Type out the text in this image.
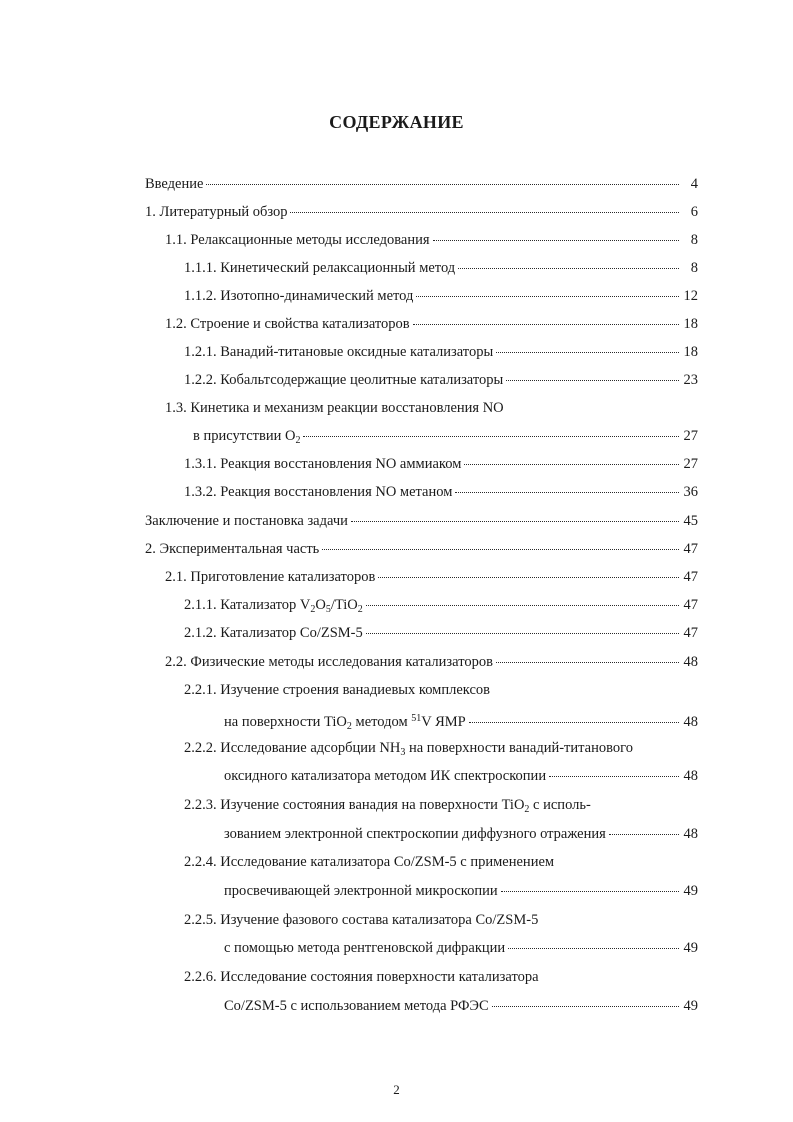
СОДЕРЖАНИЕ
Введение	4
1. Литературный обзор	6
1.1. Релаксационные методы исследования	8
1.1.1. Кинетический релаксационный метод	8
1.1.2. Изотопно-динамический метод	12
1.2. Строение и свойства катализаторов	18
1.2.1. Ванадий-титановые оксидные катализаторы	18
1.2.2. Кобальтсодержащие цеолитные катализаторы	23
1.3. Кинетика и механизм реакции восстановления NO
в присутствии $O_2$	27
1.3.1. Реакция восстановления NO аммиаком	27
1.3.2. Реакция восстановления NO метаном	36
Заключение и постановка задачи	45
2. Экспериментальная часть	47
2.1. Приготовление катализаторов	47
2.1.1. Катализатор $V_2O_5/TiO_2$	47
2.1.2. Катализатор Co/ZSM-5	47
2.2. Физические методы исследования катализаторов	48
2.2.1. Изучение строения ванадиевых комплексов
на поверхности TiO$_2$ методом $^{51}$V ЯМР	48
2.2.2. Исследование адсорбции $NH_3$ на поверхности ванадий-титанового
оксидного катализатора методом ИК спектроскопии	48
2.2.3. Изучение состояния ванадия на поверхности TiO$_2$ с исполь-
зованием электронной спектроскопии диффузного отражения	48
2.2.4. Исследование катализатора Co/ZSM-5 с применением
просвечивающей электронной микроскопии	49
2.2.5. Изучение фазового состава катализатора Co/ZSM-5
с помощью метода рентгеновской дифракции	49
2.2.6. Исследование состояния поверхности катализатора
Co/ZSM-5 с использованием метода РФЭС	49
2
